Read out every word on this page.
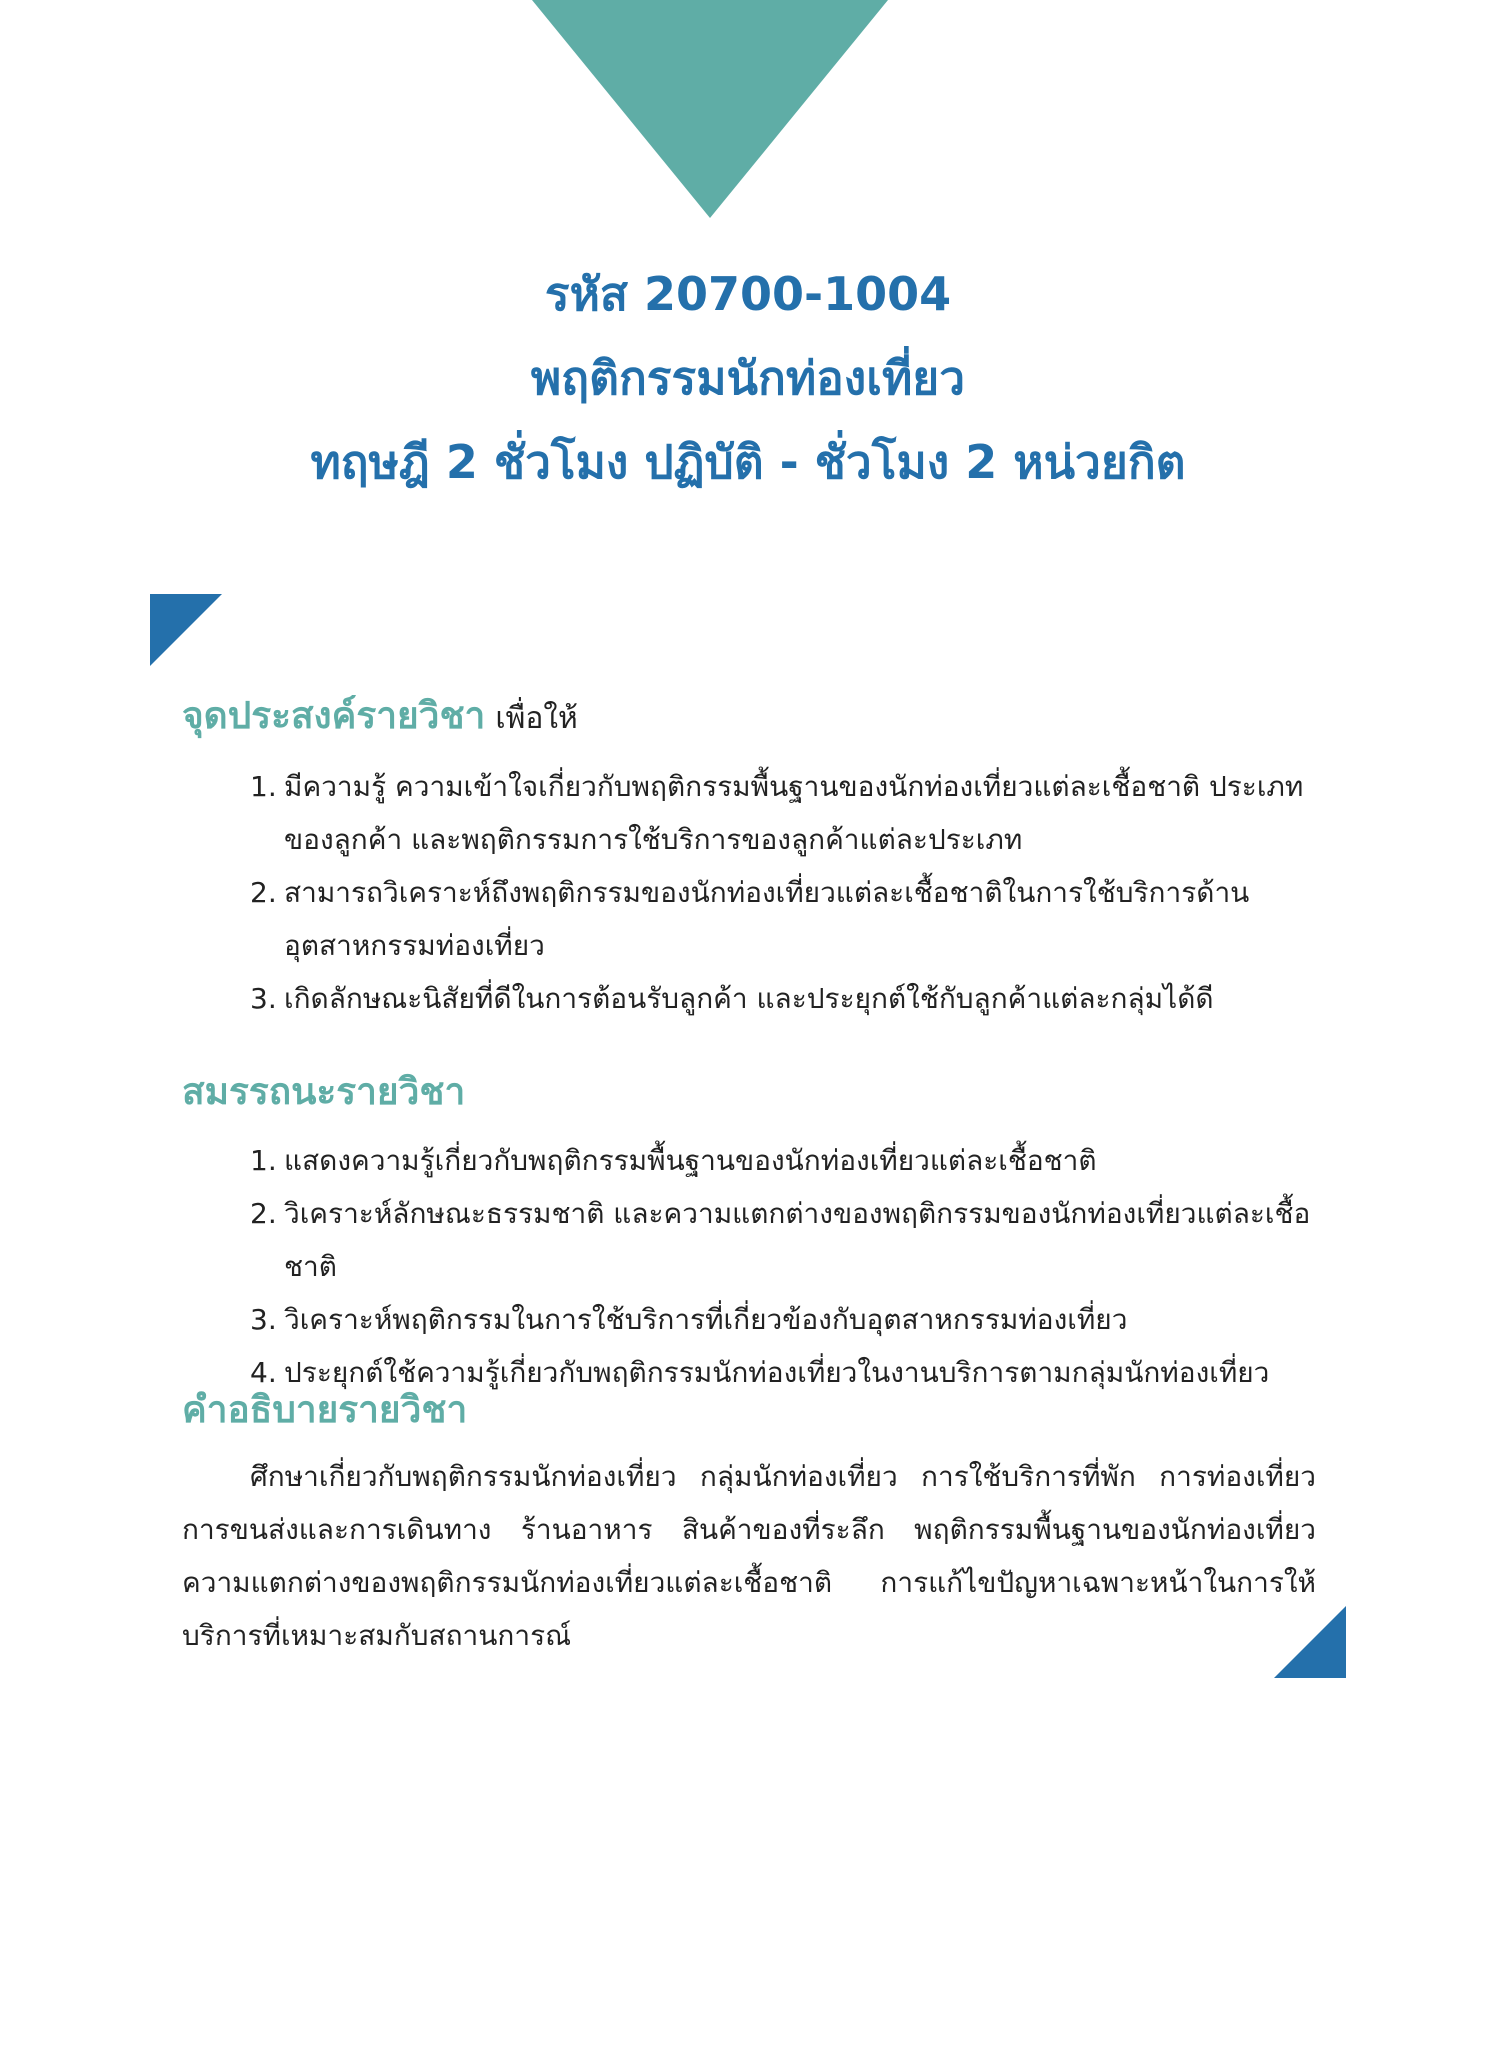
รหัส 20700-1004
พฤติกรรมนักท่องเที่ยว
ทฤษฎี 2 ชั่วโมง ปฏิบัติ - ชั่วโมง 2 หน่วยกิต
จุดประสงค์รายวิชา เพื่อให้
1. มีความรู้ ความเข้าใจเกี่ยวกับพฤติกรรมพื้นฐานของนักท่องเที่ยวแต่ละเชื้อชาติ ประเภทของลูกค้า และพฤติกรรมการใช้บริการของลูกค้าแต่ละประเภท
2. สามารถวิเคราะห์ถึงพฤติกรรมของนักท่องเที่ยวแต่ละเชื้อชาติในการใช้บริการด้านอุตสาหกรรมท่องเที่ยว
3. เกิดลักษณะนิสัยที่ดีในการต้อนรับลูกค้า และประยุกต์ใช้กับลูกค้าแต่ละกลุ่มได้ดี
สมรรถนะรายวิชา
1. แสดงความรู้เกี่ยวกับพฤติกรรมพื้นฐานของนักท่องเที่ยวแต่ละเชื้อชาติ
2. วิเคราะห์ลักษณะธรรมชาติ และความแตกต่างของพฤติกรรมของนักท่องเที่ยวแต่ละเชื้อชาติ
3. วิเคราะห์พฤติกรรมในการใช้บริการที่เกี่ยวข้องกับอุตสาหกรรมท่องเที่ยว
4. ประยุกต์ใช้ความรู้เกี่ยวกับพฤติกรรมนักท่องเที่ยวในงานบริการตามกลุ่มนักท่องเที่ยว
คำอธิบายรายวิชา

ศึกษาเกี่ยวกับพฤติกรรมนักท่องเที่ยว กลุ่มนักท่องเที่ยว การใช้บริการที่พัก การท่องเที่ยว การขนส่งและการเดินทาง ร้านอาหาร สินค้าของที่ระลึก พฤติกรรมพื้นฐานของนักท่องเที่ยว ความแตกต่างของพฤติกรรมนักท่องเที่ยวแต่ละเชื้อชาติ การแก้ไขปัญหาเฉพาะหน้าในการให้บริการที่เหมาะสมกับสถานการณ์
